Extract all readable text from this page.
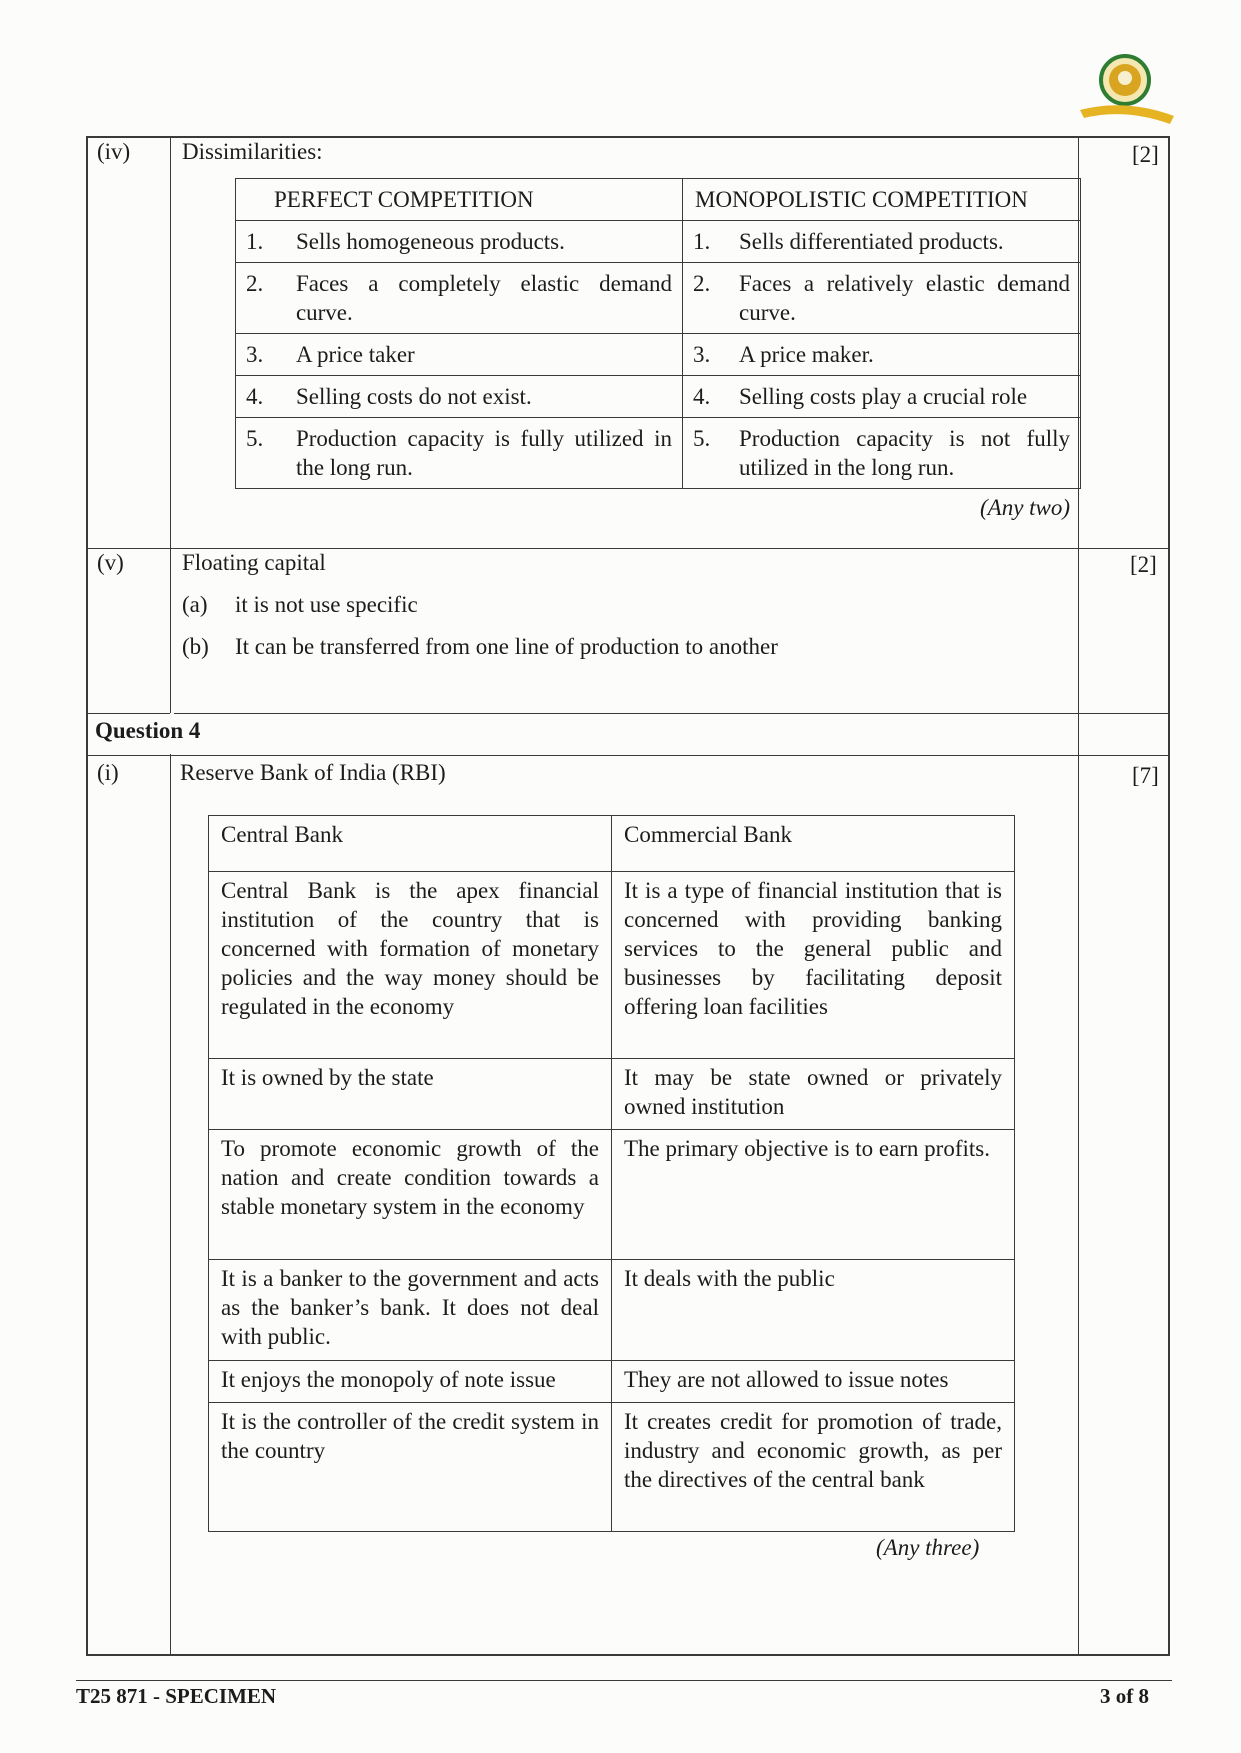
(iv) Dissimilarities:	[2]
PERFECT COMPETITION		MONOPOLISTIC COMPETITION	
1.	Sells homogeneous products.	1.	Sells differentiated products.
2.	Faces a completely elastic demand curve.	2.	Faces a relatively elastic demand curve.
3.	A price taker	3.	A price maker.
4.	Selling costs do not exist.	4.	Selling costs play a crucial role
5.	Production capacity is fully utilized in the long run.	5.	Production capacity is not fully utilized in the long run.
(Any two)
(v)	Floating capital	[2]
(a) it is not use specific
(b) It can be transferred from one line of production to another
Question 4
(i)	Reserve Bank of India (RBI)	[7]
Central Bank	Commercial Bank
Central Bank is the apex financial institution of the country that is concerned with formation of monetary policies and the way money should be regulated in the economy	It is a type of financial institution that is concerned with providing banking services to the general public and businesses by facilitating deposit offering loan facilities
It is owned by the state	It may be state owned or privately owned institution
To promote economic growth of the nation and create condition towards a stable monetary system in the economy	The primary objective is to earn profits.
It is a banker to the government and acts as the banker’s bank. It does not deal with public.	It deals with the public
It enjoys the monopoly of note issue	They are not allowed to issue notes
It is the controller of the credit system in the country	It creates credit for promotion of trade, industry and economic growth, as per the directives of the central bank
(Any three)
T25 871 - SPECIMEN	3 of 8
